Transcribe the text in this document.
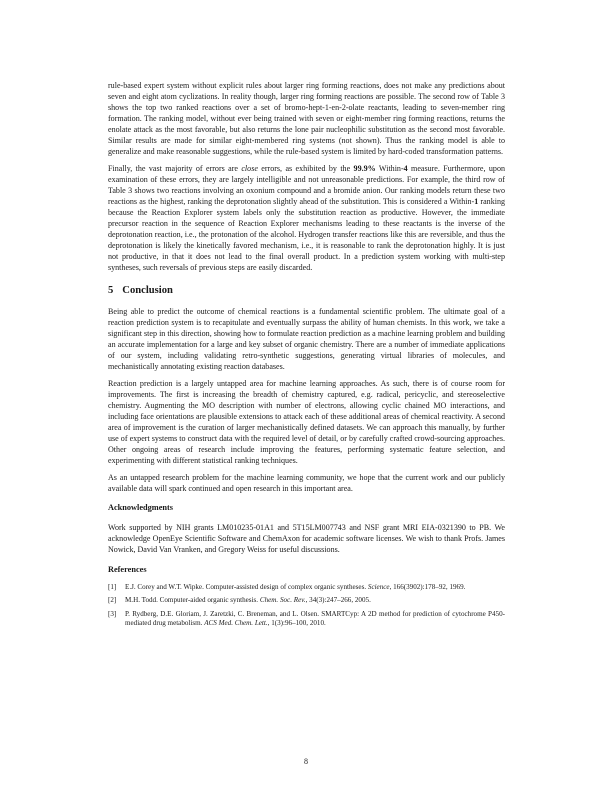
rule-based expert system without explicit rules about larger ring forming reactions, does not make any predictions about seven and eight atom cyclizations. In reality though, larger ring forming reactions are possible. The second row of Table 3 shows the top two ranked reactions over a set of bromo-hept-1-en-2-olate reactants, leading to seven-member ring formation. The ranking model, without ever being trained with seven or eight-member ring forming reactions, returns the enolate attack as the most favorable, but also returns the lone pair nucleophilic substitution as the second most favorable. Similar results are made for similar eight-membered ring systems (not shown). Thus the ranking model is able to generalize and make reasonable suggestions, while the rule-based system is limited by hard-coded transformation patterns.

Finally, the vast majority of errors are close errors, as exhibited by the 99.9% Within-4 measure. Furthermore, upon examination of these errors, they are largely intelligible and not unreasonable predictions. For example, the third row of Table 3 shows two reactions involving an oxonium compound and a bromide anion. Our ranking models return these two reactions as the highest, ranking the deprotonation slightly ahead of the substitution. This is considered a Within-1 ranking because the Reaction Explorer system labels only the substitution reaction as productive. However, the immediate precursor reaction in the sequence of Reaction Explorer mechanisms leading to these reactants is the inverse of the deprotonation reaction, i.e., the protonation of the alcohol. Hydrogen transfer reactions like this are reversible, and thus the deprotonation is likely the kinetically favored mechanism, i.e., it is reasonable to rank the deprotonation highly. It is just not productive, in that it does not lead to the final overall product. In a prediction system working with multi-step syntheses, such reversals of previous steps are easily discarded.

5 Conclusion

Being able to predict the outcome of chemical reactions is a fundamental scientific problem. The ultimate goal of a reaction prediction system is to recapitulate and eventually surpass the ability of human chemists. In this work, we take a significant step in this direction, showing how to formulate reaction prediction as a machine learning problem and building an accurate implementation for a large and key subset of organic chemistry. There are a number of immediate applications of our system, including validating retro-synthetic suggestions, generating virtual libraries of molecules, and mechanistically annotating existing reaction databases.

Reaction prediction is a largely untapped area for machine learning approaches. As such, there is of course room for improvements. The first is increasing the breadth of chemistry captured, e.g. radical, pericyclic, and stereoselective chemistry. Augmenting the MO description with number of electrons, allowing cyclic chained MO interactions, and including face orientations are plausible extensions to attack each of these additional areas of chemical reactivity. A second area of improvement is the curation of larger mechanistically defined datasets. We can approach this manually, by further use of expert systems to construct data with the required level of detail, or by carefully crafted crowd-sourcing approaches. Other ongoing areas of research include improving the features, performing systematic feature selection, and experimenting with different statistical ranking techniques.

As an untapped research problem for the machine learning community, we hope that the current work and our publicly available data will spark continued and open research in this important area.

Acknowledgments

Work supported by NIH grants LM010235-01A1 and 5T15LM007743 and NSF grant MRI EIA-0321390 to PB. We acknowledge OpenEye Scientific Software and ChemAxon for academic software licenses. We wish to thank Profs. James Nowick, David Van Vranken, and Gregory Weiss for useful discussions.

References
[1]	E.J. Corey and W.T. Wipke. Computer-assisted design of complex organic syntheses. Science, 166(3902):178–92, 1969.
[2]	M.H. Todd. Computer-aided organic synthesis. Chem. Soc. Rev., 34(3):247–266, 2005.
[3]	P. Rydberg, D.E. Gloriam, J. Zaretzki, C. Breneman, and L. Olsen. SMARTCyp: A 2D method for prediction of cytochrome P450-mediated drug metabolism. ACS Med. Chem. Lett., 1(3):96–100, 2010.
8
